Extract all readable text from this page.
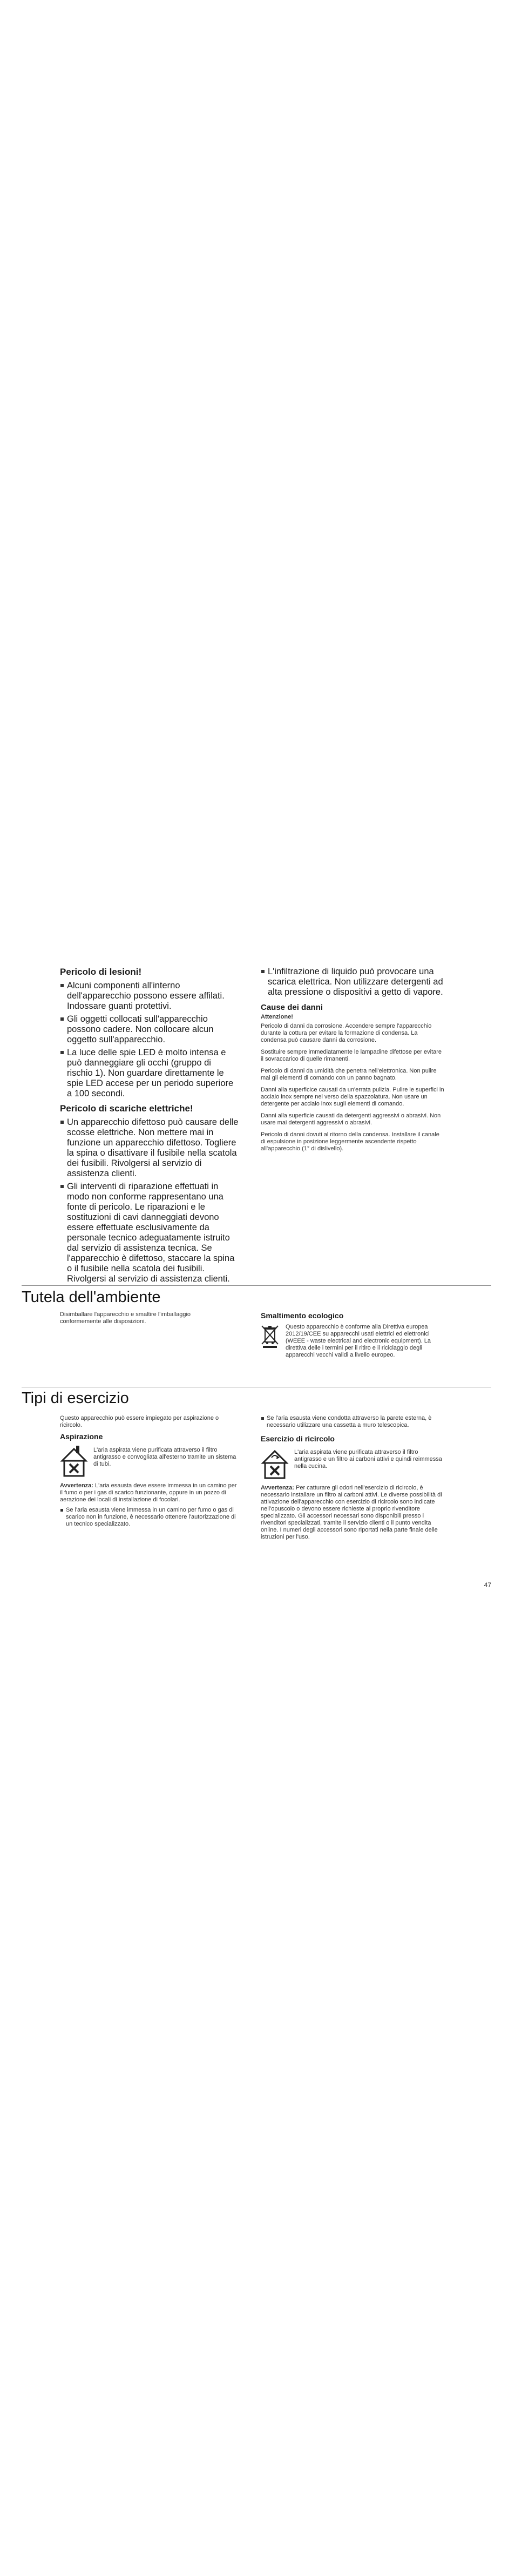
Pericolo di lesioni!
Alcuni componenti all'interno dell'apparecchio possono essere affilati. Indossare guanti protettivi.
Gli oggetti collocati sull'apparecchio possono cadere. Non collocare alcun oggetto sull'apparecchio.
La luce delle spie LED è molto intensa e può danneggiare gli occhi (gruppo di rischio 1). Non guardare direttamente le spie LED accese per un periodo superiore a 100 secondi.
Pericolo di scariche elettriche!
Un apparecchio difettoso può causare delle scosse elettriche. Non mettere mai in funzione un apparecchio difettoso. Togliere la spina o disattivare il fusibile nella scatola dei fusibili. Rivolgersi al servizio di assistenza clienti.
Gli interventi di riparazione effettuati in modo non conforme rappresentano una fonte di pericolo. Le riparazioni e le sostituzioni di cavi danneggiati devono essere effettuate esclusivamente da personale tecnico adeguatamente istruito dal servizio di assistenza tecnica. Se l'apparecchio è difettoso, staccare la spina o il fusibile nella scatola dei fusibili. Rivolgersi al servizio di assistenza clienti.
L'infiltrazione di liquido può provocare una scarica elettrica. Non utilizzare detergenti ad alta pressione o dispositivi a getto di vapore.
Cause dei danni
Attenzione!

Pericolo di danni da corrosione. Accendere sempre l'apparecchio durante la cottura per evitare la formazione di condensa. La condensa può causare danni da corrosione.

Sostituire sempre immediatamente le lampadine difettose per evitare il sovraccarico di quelle rimanenti.

Pericolo di danni da umidità che penetra nell'elettronica. Non pulire mai gli elementi di comando con un panno bagnato.

Danni alla superficice causati da un'errata pulizia. Pulire le superfici in acciaio inox sempre nel verso della spazzolatura. Non usare un detergente per acciaio inox sugli elementi di comando.

Danni alla superficie causati da detergenti aggressivi o abrasivi. Non usare mai detergenti aggressivi o abrasivi.

Pericolo di danni dovuti al ritorno della condensa. Installare il canale di espulsione in posizione leggermente ascendente rispetto all'apparecchio (1° di dislivello).

Tutela dell'ambiente
Disimballare l'apparecchio e smaltire l'imballaggio conformemente alle disposizioni.
Smaltimento ecologico
Questo apparecchio è conforme alla Direttiva europea 2012/19/CEE su apparecchi usati elettrici ed elettronici (WEEE - waste electrical and electronic equipment). La direttiva delle i termini per il ritiro e il riciclaggio degli apparecchi vecchi validi a livello europeo.
Tipi di esercizio
Questo apparecchio può essere impiegato per aspirazione o ricircolo.
Aspirazione
L'aria aspirata viene purificata attraverso il filtro antigrasso e convogliata all'esterno tramite un sistema di tubi.
Avvertenza: L'aria esausta deve essere immessa in un camino per il fumo o per i gas di scarico funzionante, oppure in un pozzo di aerazione dei locali di installazione di focolari.
Se l'aria esausta viene immessa in un camino per fumo o gas di scarico non in funzione, è necessario ottenere l'autorizzazione di un tecnico specializzato.
Se l'aria esausta viene condotta attraverso la parete esterna, è necessario utilizzare una cassetta a muro telescopica.
Esercizio di ricircolo
L'aria aspirata viene purificata attraverso il filtro antigrasso e un filtro ai carboni attivi e quindi reimmessa nella cucina.
Avvertenza: Per catturare gli odori nell'esercizio di ricircolo, è necessario installare un filtro ai carboni attivi. Le diverse possibilità di attivazione dell'apparecchio con esercizio di ricircolo sono indicate nell'opuscolo o devono essere richieste al proprio rivenditore specializzato. Gli accessori necessari sono disponibili presso i rivenditori specializzati, tramite il servizio clienti o il punto vendita online. I numeri degli accessori sono riportati nella parte finale delle istruzioni per l'uso.
47
